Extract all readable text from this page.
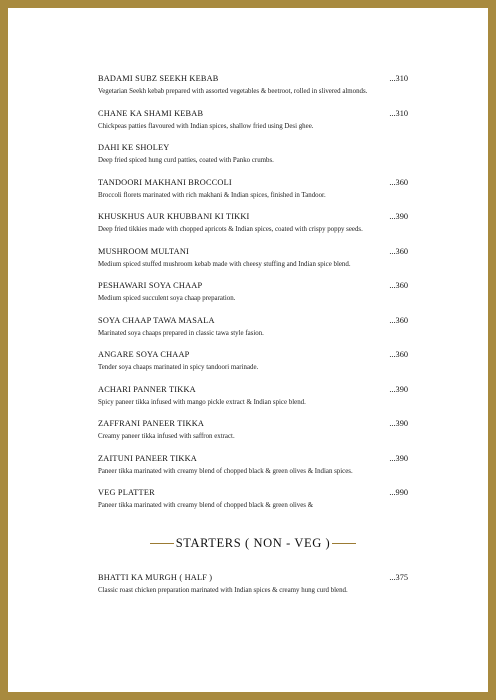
BADAMI SUBZ SEEKH KEBAB	...310
Vegetarian Seekh kebab prepared with assorted vegetables & beetroot, rolled in slivered almonds.
CHANE KA SHAMI KEBAB	...310
Chickpeas patties flavoured with Indian spices, shallow fried using Desi ghee.
DAHI KE SHOLEY
Deep fried spiced hung curd patties, coated with Panko crumbs.
TANDOORI MAKHANI BROCCOLI	...360
Broccoli florets marinated with rich makhani & Indian spices, finished in Tandoor.
KHUSKHUS AUR KHUBBANI KI TIKKI	...390
Deep fried tikkies made with chopped apricots & Indian spices, coated with crispy poppy seeds.
MUSHROOM MULTANI	...360
Medium spiced stuffed mushroom kebab made with cheesy stuffing and Indian spice blend.
PESHAWARI SOYA CHAAP	...360
Medium spiced succulent soya chaap preparation.
SOYA CHAAP TAWA MASALA	...360
Marinated soya chaaps prepared in classic tawa style fasion.
ANGARE SOYA CHAAP	...360
Tender soya chaaps marinated in spicy tandoori marinade.
ACHARI PANNER TIKKA	...390
Spicy paneer tikka infused with mango pickle extract & Indian spice blend.
ZAFFRANI PANEER TIKKA	...390
Creamy paneer tikka infused with saffron extract.
ZAITUNI PANEER TIKKA	...390
Paneer tikka marinated with creamy blend of chopped black & green olives & Indian spices.
VEG PLATTER	...990
Paneer tikka marinated with creamy blend of chopped black & green olives &
STARTERS ( NON - VEG )
BHATTI KA MURGH ( HALF )	...375
Classic roast chicken preparation marinated with Indian spices & creamy hung curd blend.
